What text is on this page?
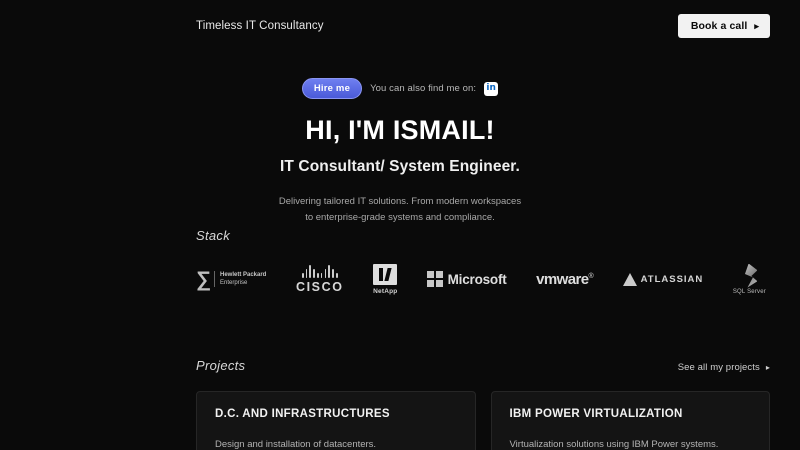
Timeless IT Consultancy	Book a call ▸
Hire me	You can also find me on: in
HI, I'M ISMAIL!
IT Consultant/ System Engineer.

Delivering tailored IT solutions. From modern workspaces to enterprise-grade systems and compliance.

Stack
∑ Hewlett Packard
Enterprise	CISCO	NetApp
Microsoft vmware®	ATLASSIAN
SQL Server
Projects	See all my projects ▸
D.C. AND INFRASTRUCTURES
Design and installation of datacenters.
IBM POWER VIRTUALIZATION
Virtualization solutions using IBM Power systems.
